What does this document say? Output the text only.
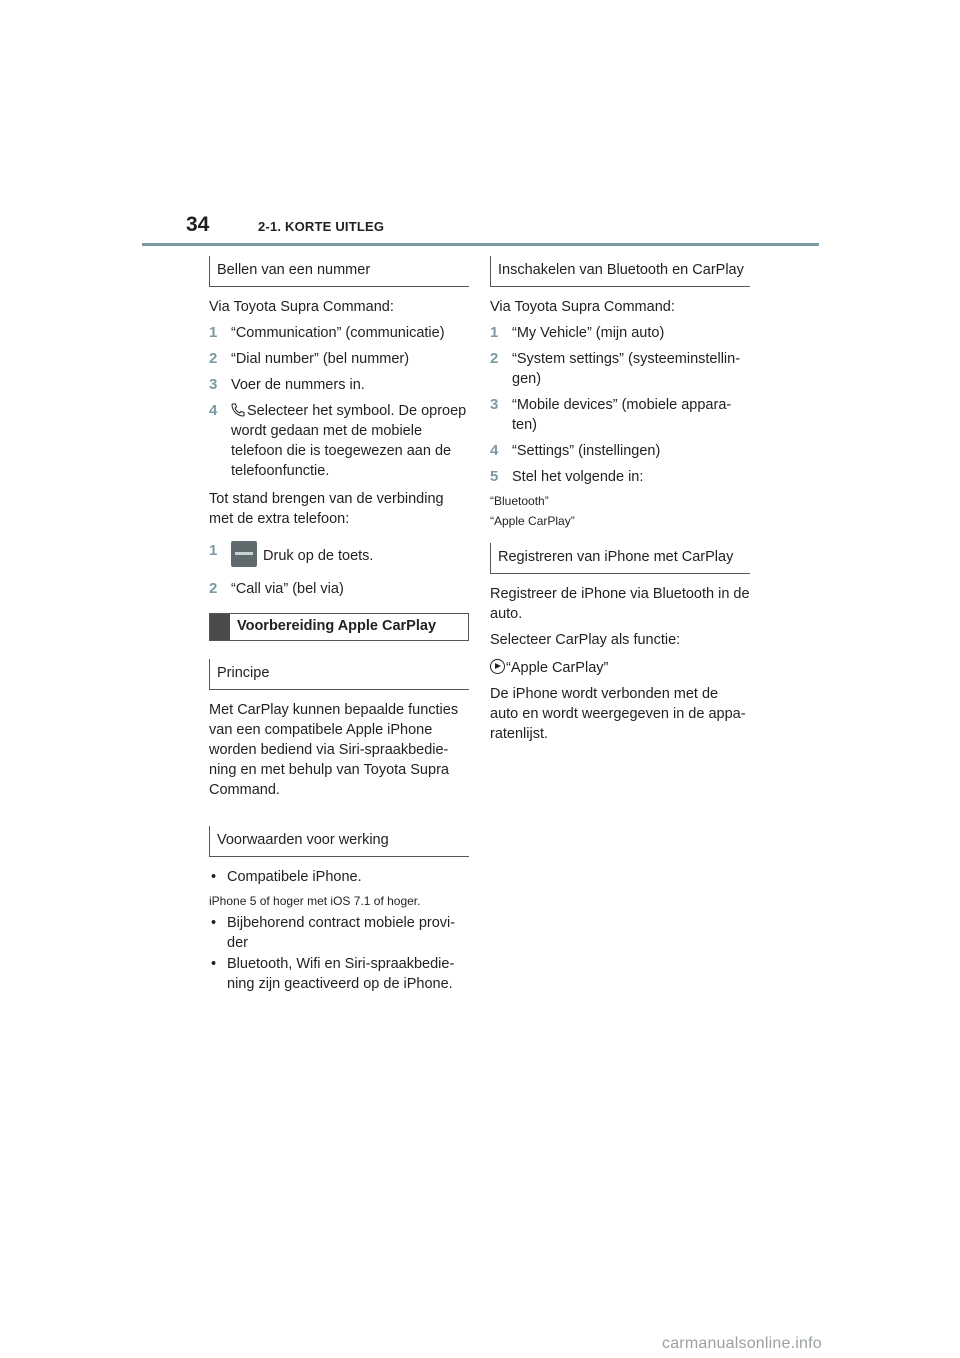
34	2-1. KORTE UITLEG
Bellen van een nummer

Via Toyota Supra Command:

1 “Communication” (communicatie)
2 “Dial number” (bel nummer)
3 Voer de nummers in.
4 Selecteer het symbool. De oproep wordt gedaan met de mobiele telefoon die is toegewezen aan de telefoonfunctie.

Tot stand brengen van de verbinding met de extra telefoon:

1	Druk op de toets.
2 “Call via” (bel via)
Voorbereiding Apple CarPlay
Principe

Met CarPlay kunnen bepaalde functies van een compatibele Apple iPhone worden bediend via Siri-spraakbedie-ning en met behulp van Toyota Supra Command.

Voorwaarden voor werking
• Compatibele iPhone.

iPhone 5 of hoger met iOS 7.1 of hoger.

• Bijbehorend contract mobiele provi-der
• Bluetooth, Wifi en Siri-spraakbedie-ning zijn geactiveerd op de iPhone.
Inschakelen van Bluetooth en CarPlay

Via Toyota Supra Command:

1 “My Vehicle” (mijn auto)
2 “System settings” (systeeminstellin-gen)
3 “Mobile devices” (mobiele appara-ten)
4 “Settings” (instellingen)
5 Stel het volgende in:

“Bluetooth”

“Apple CarPlay”

Registreren van iPhone met CarPlay

Registreer de iPhone via Bluetooth in de auto.

Selecteer CarPlay als functie:

“Apple CarPlay”

De iPhone wordt verbonden met de auto en wordt weergegeven in de appa-ratenlijst.

carmanualsonline.info
